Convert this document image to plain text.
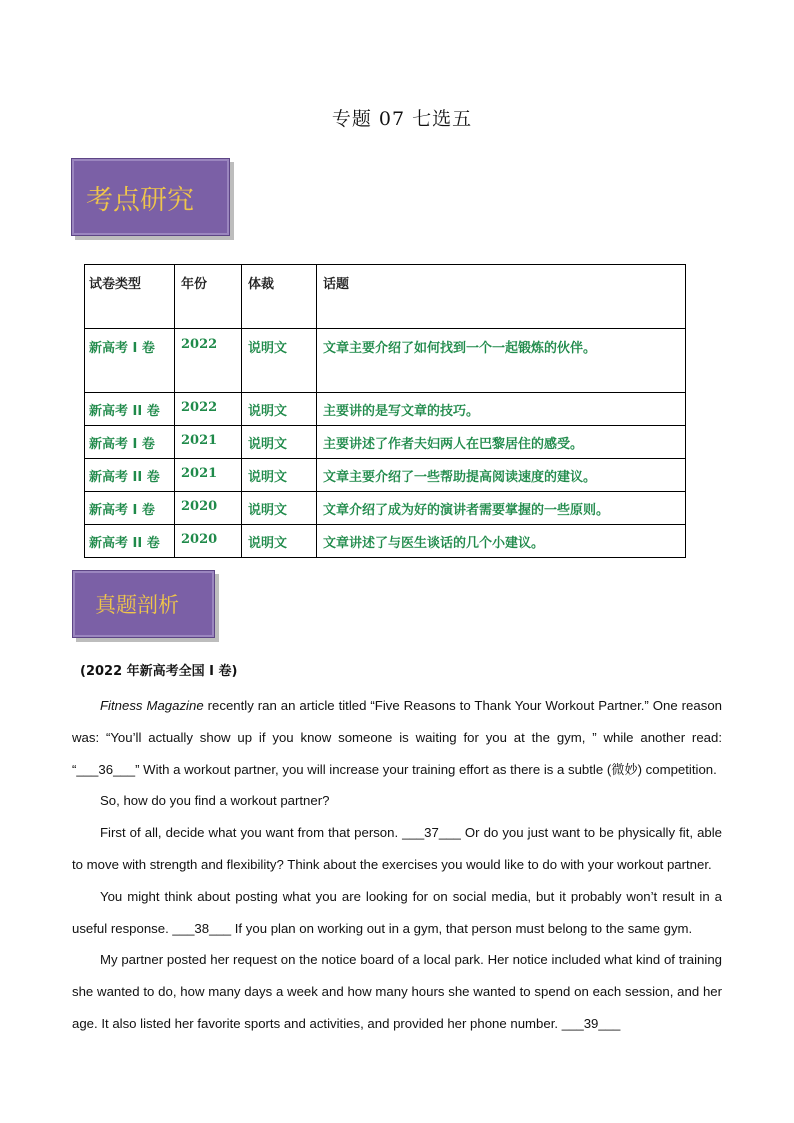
专题 07 七选五
考点研究
试卷类型	年份	体裁	话题
新高考 I 卷	2022	说明文	文章主要介绍了如何找到一个一起锻炼的伙伴。
新高考 II 卷	2022	说明文	主要讲的是写文章的技巧。
新高考 I 卷	2021	说明文	主要讲述了作者夫妇两人在巴黎居住的感受。
新高考 II 卷	2021	说明文	文章主要介绍了一些帮助提高阅读速度的建议。
新高考 I 卷	2020	说明文	文章介绍了成为好的演讲者需要掌握的一些原则。
新高考 II 卷	2020	说明文	文章讲述了与医生谈话的几个小建议。
真题剖析
(2022 年新高考全国 I 卷)

Fitness Magazine recently ran an article titled “Five Reasons to Thank Your Workout Partner.” One reason was: “You’ll actually show up if you know someone is waiting for you at the gym, ” while another read: “___36___” With a workout partner, you will increase your training effort as there is a subtle (微妙) competition.

So, how do you find a workout partner?

First of all, decide what you want from that person. ___37___ Or do you just want to be physically fit, able to move with strength and flexibility? Think about the exercises you would like to do with your workout partner.

You might think about posting what you are looking for on social media, but it probably won’t result in a useful response. ___38___ If you plan on working out in a gym, that person must belong to the same gym.

My partner posted her request on the notice board of a local park. Her notice included what kind of training she wanted to do, how many days a week and how many hours she wanted to spend on each session, and her age. It also listed her favorite sports and activities, and provided her phone number. ___39___
